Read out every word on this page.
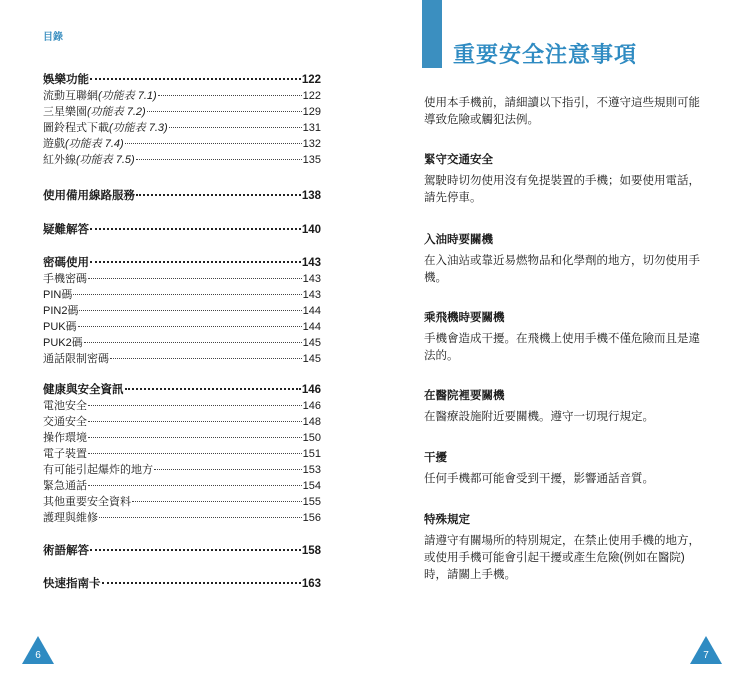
目錄
娛樂功能	122
流動互聯網(功能表 7.1)	122
三星樂園(功能表 7.2)	129
圖鈴程式下載(功能表 7.3)	131
遊戲(功能表 7.4)	132
紅外線(功能表 7.5)	135
使用備用線路服務	138
疑難解答	140
密碼使用	143
手機密碼	143
PIN碼	143
PIN2碼	144
PUK碼	144
PUK2碼	145
通話限制密碼	145
健康與安全資訊	146
電池安全	146
交通安全	148
操作環境	150
電子裝置	151
有可能引起爆炸的地方	153
緊急通話	154
其他重要安全資料	155
護理與維修	156
術語解答	158
快速指南卡	163
6
重要安全注意事項
使用本手機前，請細讀以下指引，不遵守這些規則可能導致危險或觸犯法例。
緊守交通安全

駕駛時切勿使用沒有免提裝置的手機；如要使用電話，請先停車。

入油時要關機

在入油站或靠近易燃物品和化學劑的地方，切勿使用手機。

乘飛機時要關機

手機會造成干擾。在飛機上使用手機不僅危險而且是違法的。

在醫院裡要關機

在醫療設施附近要關機。遵守一切現行規定。

干擾

任何手機都可能會受到干擾，影響通話音質。

特殊規定

請遵守有關場所的特別規定，在禁止使用手機的地方，或使用手機可能會引起干擾或產生危險(例如在醫院)時，請關上手機。

7
